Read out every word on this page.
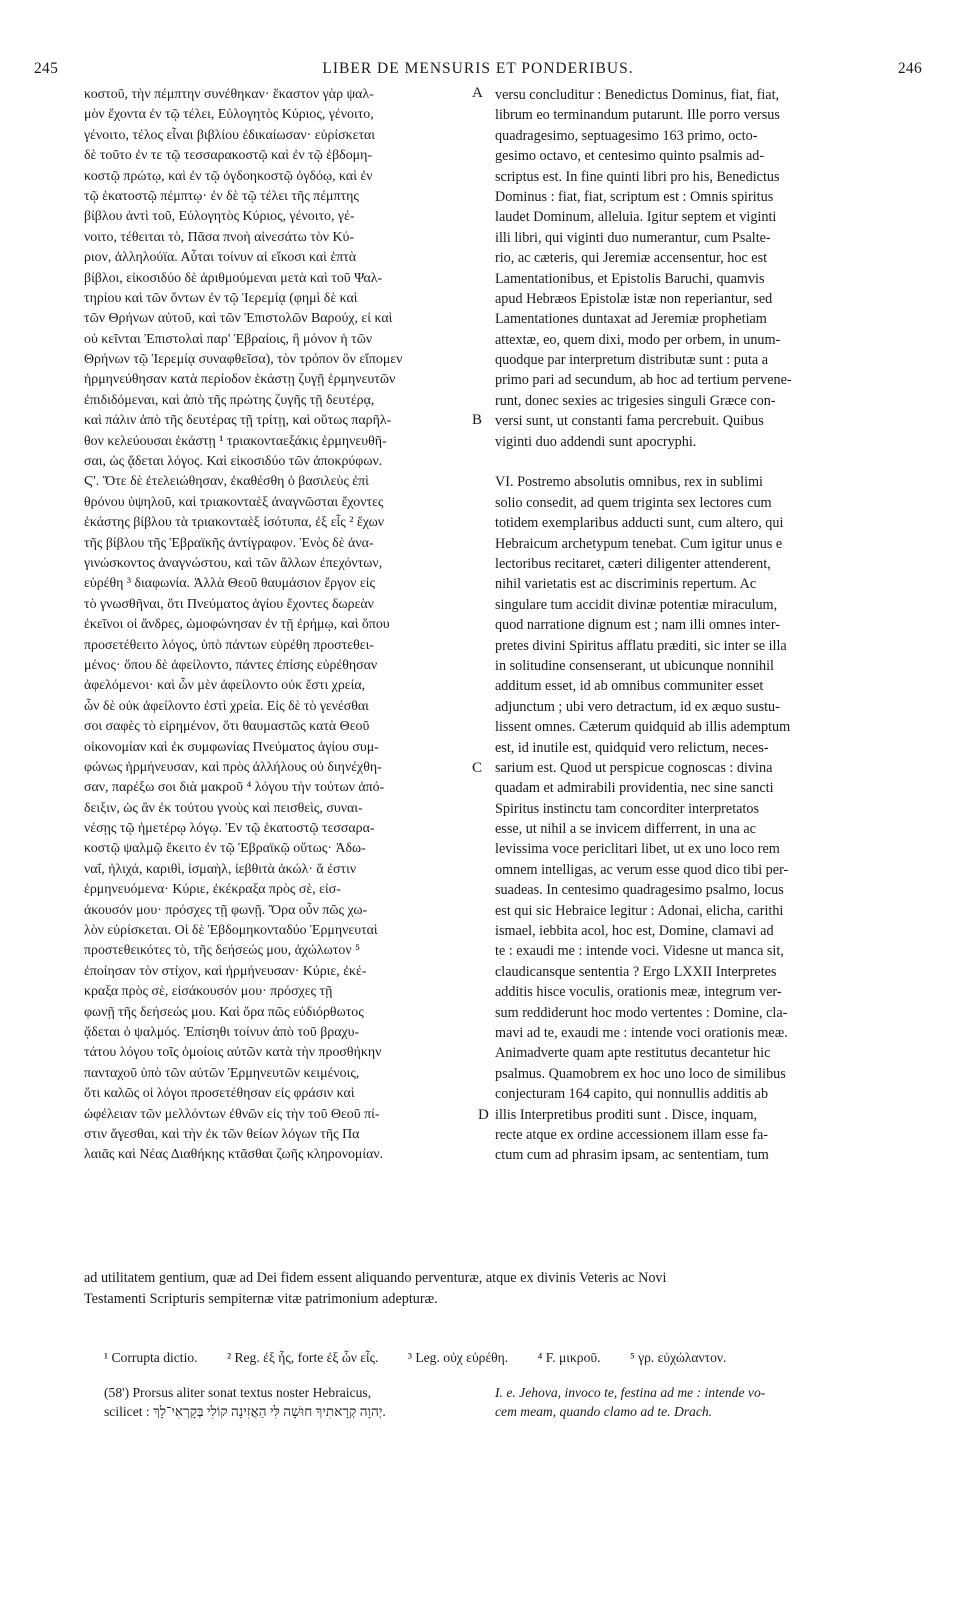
245	LIBER DE MENSURIS ET PONDERIBUS.	246
κοστοῦ, τὴν πέμπτην συνέθηκαν· ἕκαστον γὰρ ψαλ-
μὸν ἔχοντα ἐν τῷ τέλει, Εὐλογητὸς Κύριος, γένοιτο,
γένοιτο, τέλος εἶναι βιβλίου ἐδικαίωσαν· εὑρίσκεται
δὲ τοῦτο ἐν τε τῷ τεσσαρακοστῷ καὶ ἐν τῷ ἑβδομη-
κοστῷ πρώτῳ, καὶ ἐν τῷ ὀγδοηκοστῷ ὀγδόῳ, καὶ ἐν
τῷ ἑκατοστῷ πέμπτῳ· ἐν δὲ τῷ τέλει τῆς πέμπτης
βίβλου ἀντὶ τοῦ, Εὐλογητὸς Κύριος, γένοιτο, γέ-
νοιτο, τέθειται τὸ, Πᾶσα πνοὴ αἰνεσάτω τὸν Κύ-
ριον, ἀλληλούϊα. Αὗται τοίνυν αἱ εἴκοσι καὶ ἑπτὰ
βίβλοι, εἰκοσιδύο δὲ ἀριθμούμεναι μετὰ καὶ τοῦ Ψαλ-
τηρίου καὶ τῶν ὄντων ἐν τῷ Ἱερεμίᾳ (φημὶ δὲ καὶ
τῶν Θρήνων αὐτοῦ, καὶ τῶν Ἐπιστολῶν Βαρούχ, εἰ καὶ
οὐ κεῖνται Ἐπιστολαὶ παρ' Ἑβραίοις, ἢ μόνον ἡ τῶν
Θρήνων τῷ Ἱερεμίᾳ συναφθεῖσα), τὸν τρόπον ὃν εἴπομεν
ἡρμηνεύθησαν κατὰ περίοδον ἑκάστῃ ζυγῇ ἑρμηνευτῶν
ἐπιδιδόμεναι, καὶ ἀπὸ τῆς πρώτης ζυγῆς τῇ δευτέρᾳ,
καὶ πάλιν ἀπὸ τῆς δευτέρας τῇ τρίτῃ, καὶ οὕτως παρῆλ-
θον κελεύουσαι ἑκάστῃ ¹ τριακονταεξάκις ἑρμηνευθῆ-
σαι, ὡς ᾄδεται λόγος. Καὶ εἰκοσιδύο τῶν ἀποκρύφων.
Ϛ'. Ὅτε δὲ ἐτελειώθησαν, ἐκαθέσθη ὁ βασιλεὺς ἐπὶ
θρόνου ὑψηλοῦ, καὶ τριακονταὲξ ἀναγνῶσται ἔχοντες
ἑκάστης βίβλου τὰ τριακονταὲξ ἰσότυπα, ἐξ εἷς ² ἔχων
τῆς βίβλου τῆς Ἑβραϊκῆς ἀντίγραφον. Ἑνὸς δὲ ἀνα-
γινώσκοντος ἀναγνώστου, καὶ τῶν ἄλλων ἐπεχόντων,
εὑρέθη ³ διαφωνία. Ἀλλὰ Θεοῦ θαυμάσιον ἔργον εἰς
τὸ γνωσθῆναι, ὅτι Πνεύματος ἁγίου ἔχοντες δωρεὰν
ἐκεῖνοι οἱ ἄνδρες, ὡμοφώνησαν ἐν τῇ ἐρήμῳ, καὶ ὅπου
προσετέθειτο λόγος, ὑπὸ πάντων εὑρέθη προστεθει-
μένος· ὅπου δὲ ἀφείλοντο, πάντες ἐπίσης εὑρέθησαν
ἀφελόμενοι· καὶ ὧν μὲν ἀφείλοντο οὐκ ἔστι χρεία,
ὧν δὲ οὐκ ἀφείλοντο ἐστὶ χρεία. Εἰς δὲ τὸ γενέσθαι
σοι σαφὲς τὸ εἰρημένον, ὅτι θαυμαστῶς κατὰ Θεοῦ
οἰκονομίαν καὶ ἐκ συμφωνίας Πνεύματος ἁγίου συμ-
φώνως ἡρμήνευσαν, καὶ πρὸς ἀλλήλους οὐ διηνέχθη-
σαν, παρέξω σοι διὰ μακροῦ ⁴ λόγου τὴν τούτων ἀπό-
δειξιν, ὡς ἂν ἐκ τούτου γνοὺς καὶ πεισθεὶς, συναι-
νέσῃς τῷ ἡμετέρῳ λόγῳ. Ἐν τῷ ἑκατοστῷ τεσσαρα-
κοστῷ ψαλμῷ ἔκειτο ἐν τῷ Ἑβραϊκῷ οὕτως· Ἀδω-
ναΐ, ἠλιχά, καριθὶ, ἰσμαὴλ, ἰεβθιτὰ ἀκώλ· ἅ ἐστιν
ἑρμηνευόμενα· Κύριε, ἐκέκραξα πρὸς σὲ, εἰσ-
άκουσόν μου· πρόσχες τῇ φωνῇ. Ὅρα οὖν πῶς χω-
λὸν εὑρίσκεται. Οἱ δὲ Ἑβδομηκονταδύο Ἑρμηνευταὶ
προστεθεικότες τὸ, τῆς δεήσεώς μου, ἀχώλωτον ⁵
ἐποίησαν τὸν στίχον, καὶ ἡρμήνευσαν· Κύριε, ἐκέ-
κραξα πρὸς σὲ, εἰσάκουσόν μου· πρόσχες τῇ
φωνῇ τῆς δεήσεώς μου. Καὶ ὅρα πῶς εὐδιόρθωτος
ᾄδεται ὁ ψαλμός. Ἐπίσηθι τοίνυν ἀπὸ τοῦ βραχυ-
τάτου λόγου τοῖς ὁμοίοις αὐτῶν κατὰ τὴν προσθήκην
πανταχοῦ ὑπὸ τῶν αὐτῶν Ἑρμηνευτῶν κειμένοις,
ὅτι καλῶς οἱ λόγοι προσετέθησαν εἰς φράσιν καὶ
ὠφέλειαν τῶν μελλόντων ἐθνῶν εἰς τὴν τοῦ Θεοῦ πί-
στιν ἄγεσθαι, καὶ τὴν ἐκ τῶν θείων λόγων τῆς Πα
λαιᾶς καὶ Νέας Διαθήκης κτᾶσθαι ζωῆς κληρονομίαν.
versu concluditur : Benedictus Dominus, fiat, fiat,
librum eo terminandum putarunt. Ille porro versus
quadragesimo, septuagesimo 163 primo, octo-
gesimo octavo, et centesimo quinto psalmis ad-
scriptus est. In fine quinti libri pro his, Benedictus
Dominus : fiat, fiat, scriptum est : Omnis spiritus
laudet Dominum, alleluia. Igitur septem et viginti
illi libri, qui viginti duo numerantur, cum Psalte-
rio, ac cæteris, qui Jeremiæ accensentur, hoc est
Lamentationibus, et Epistolis Baruchi, quamvis
apud Hebræos Epistolæ istæ non reperiantur, sed
Lamentationes duntaxat ad Jeremiæ prophetiam
attextæ, eo, quem dixi, modo per orbem, in unum-
quodque par interpretum distributæ sunt : puta a
primo pari ad secundum, ab hoc ad tertium pervene-
runt, donec sexies ac trigesies singuli Græce con-
versi sunt, ut constanti fama percrebuit. Quibus
viginti duo addendi sunt apocryphi.

VI. Postremo absolutis omnibus, rex in sublimi
solio consedit, ad quem triginta sex lectores cum
totidem exemplaribus adducti sunt, cum altero, qui
Hebraicum archetypum tenebat. Cum igitur unus e
lectoribus recitaret, cæteri diligenter attenderent,
nihil varietatis est ac discriminis repertum. Ac
singulare tum accidit divinæ potentiæ miraculum,
quod narratione dignum est ; nam illi omnes inter-
pretes divini Spiritus afflatu præditi, sic inter se illa
in solitudine consenserant, ut ubicunque nonnihil
additum esset, id ab omnibus communiter esset
adjunctum ; ubi vero detractum, id ex æquo sustu-
lissent omnes. Cæterum quidquid ab illis ademptum
est, id inutile est, quidquid vero relictum, neces-
sarium est. Quod ut perspicue cognoscas : divina
quadam et admirabili providentia, nec sine sancti
Spiritus instinctu tam concorditer interpretatos
esse, ut nihil a se invicem differrent, in una ac
levissima voce periclitari libet, ut ex uno loco rem
omnem intelligas, ac verum esse quod dico tibi per-
suadeas. In centesimo quadragesimo psalmo, locus
est qui sic Hebraice legitur : Adonai, elicha, carithi
ismael, iebbita acol, hoc est, Domine, clamavi ad
te : exaudi me : intende voci. Videsne ut manca sit,
claudicansque sententia ? Ergo LXXII Interpretes
additis hisce voculis, orationis meæ, integrum ver-
sum reddiderunt hoc modo vertentes : Domine, cla-
mavi ad te, exaudi me : intende voci orationis meæ.
Animadverte quam apte restitutus decantetur hic
psalmus. Quamobrem ex hoc uno loco de similibus
conjecturam 164 capito, qui nonnullis additis ab
illis Interpretibus proditi sunt . Disce, inquam,
recte atque ex ordine accessionem illam esse fa-
ctum cum ad phrasim ipsam, ac sententiam, tum
A
B
C
D
ad utilitatem gentium, quæ ad Dei fidem essent aliquando perventuræ, atque ex divinis Veteris ac Novi
Testamenti Scripturis sempiternæ vitæ patrimonium adepturæ.
¹ Corrupta dictio. ² Reg. ἐξ ἧς, forte ἐξ ὧν εἷς. ³ Leg. οὐχ εὑρέθη. ⁴ F. μικροῦ. ⁵ γρ. εὐχώλαντον.
(58') Prorsus aliter sonat textus noster Hebraicus,
scilicet : יְהוָה קְרָאתִיךָ חוּשָׁה לִּי הַאֲזִינָה קוֹלִי בְּקָרְאִי־לָךְ.
I. e. Jehova, invoco te, festina ad me : intende vo-
cem meam, quando clamo ad te. Drach.
